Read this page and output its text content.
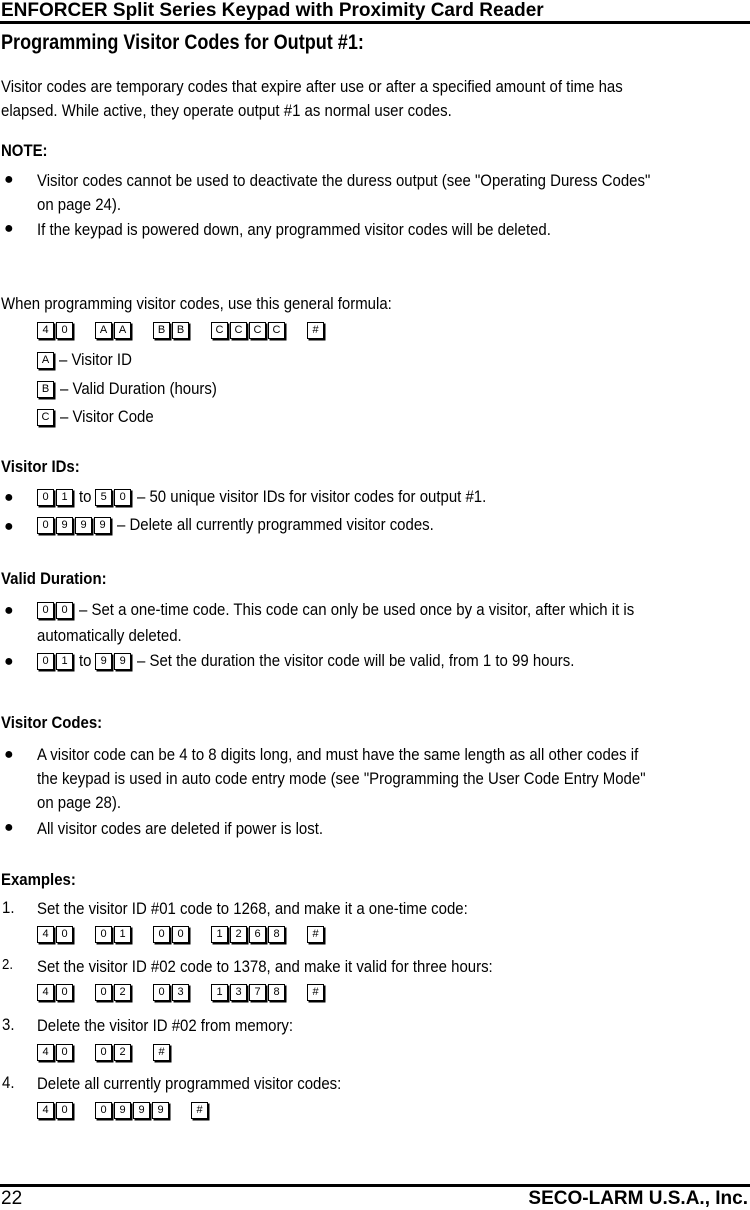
ENFORCER Split Series Keypad with Proximity Card Reader
Programming Visitor Codes for Output #1:
Visitor codes are temporary codes that expire after use or after a specified amount of time has
elapsed. While active, they operate output #1 as normal user codes.
NOTE:
● Visitor codes cannot be used to deactivate the duress output (see "Operating Duress Codes"
on page 24).
● If the keypad is powered down, any programmed visitor codes will be deleted.
When programming visitor codes, use this general formula:
4	0	A	A	B	B	C	C	C	C	#
A – Visitor ID
B – Valid Duration (hours)
C – Visitor Code
Visitor IDs:
●	0	1 to 5	0 – 50 unique visitor IDs for visitor codes for output #1.
●	0	9	9	9 – Delete all currently programmed visitor codes.
Valid Duration:
●	0	0 – Set a one-time code. This code can only be used once by a visitor, after which it is
automatically deleted.
●	0	1 to 9	9 – Set the duration the visitor code will be valid, from 1 to 99 hours.
Visitor Codes:
● A visitor code can be 4 to 8 digits long, and must have the same length as all other codes if
the keypad is used in auto code entry mode (see "Programming the User Code Entry Mode"
on page 28).
● All visitor codes are deleted if power is lost.
Examples:
1. Set the visitor ID #01 code to 1268, and make it a one-time code:
4	0	0	1	0	0	1	2	6	8	#
2. Set the visitor ID #02 code to 1378, and make it valid for three hours:
4	0	0	2	0	3	1	3	7	8	#
3. Delete the visitor ID #02 from memory:
4	0	0	2	#
4. Delete all currently programmed visitor codes:
4	0	0	9	9	9	#
22	SECO-LARM U.S.A., Inc.
